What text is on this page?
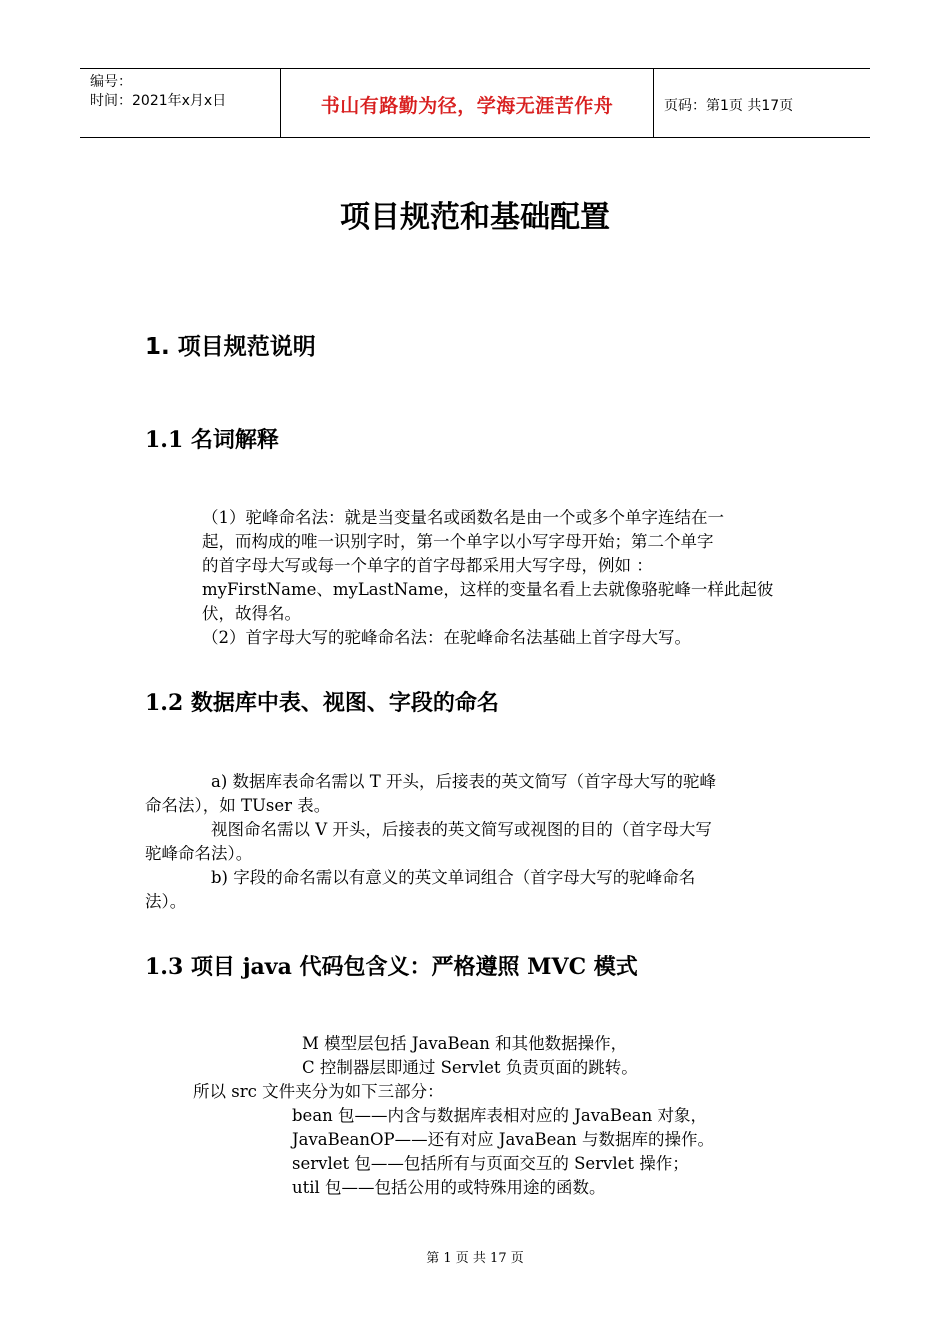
编号：
时间：2021年x月x日	书山有路勤为径，学海无涯苦作舟	页码：第1页 共17页
项目规范和基础配置
1. 项目规范说明
1.1 名词解释
（1）驼峰命名法：就是当变量名或函数名是由一个或多个单字连结在一
起，而构成的唯一识别字时，第一个单字以小写字母开始；第二个单字
的首字母大写或每一个单字的首字母都采用大写字母，例如 ：
myFirstName、myLastName，这样的变量名看上去就像骆驼峰一样此起彼
伏，故得名。
（2）首字母大写的驼峰命名法：在驼峰命名法基础上首字母大写。
1.2 数据库中表、视图、字段的命名
a) 数据库表命名需以 T 开头，后接表的英文简写（首字母大写的驼峰
命名法），如 TUser 表。
视图命名需以 V 开头，后接表的英文简写或视图的目的（首字母大写
驼峰命名法）。
b) 字段的命名需以有意义的英文单词组合（首字母大写的驼峰命名
法）。
1.3 项目 java 代码包含义：严格遵照 MVC 模式
M 模型层包括 JavaBean 和其他数据操作，
C 控制器层即通过 Servlet 负责页面的跳转。
所以 src 文件夹分为如下三部分：
bean 包——内含与数据库表相对应的 JavaBean 对象，
JavaBeanOP——还有对应 JavaBean 与数据库的操作。
servlet 包——包括所有与页面交互的 Servlet 操作；
util 包——包括公用的或特殊用途的函数。
第 1 页 共 17 页
